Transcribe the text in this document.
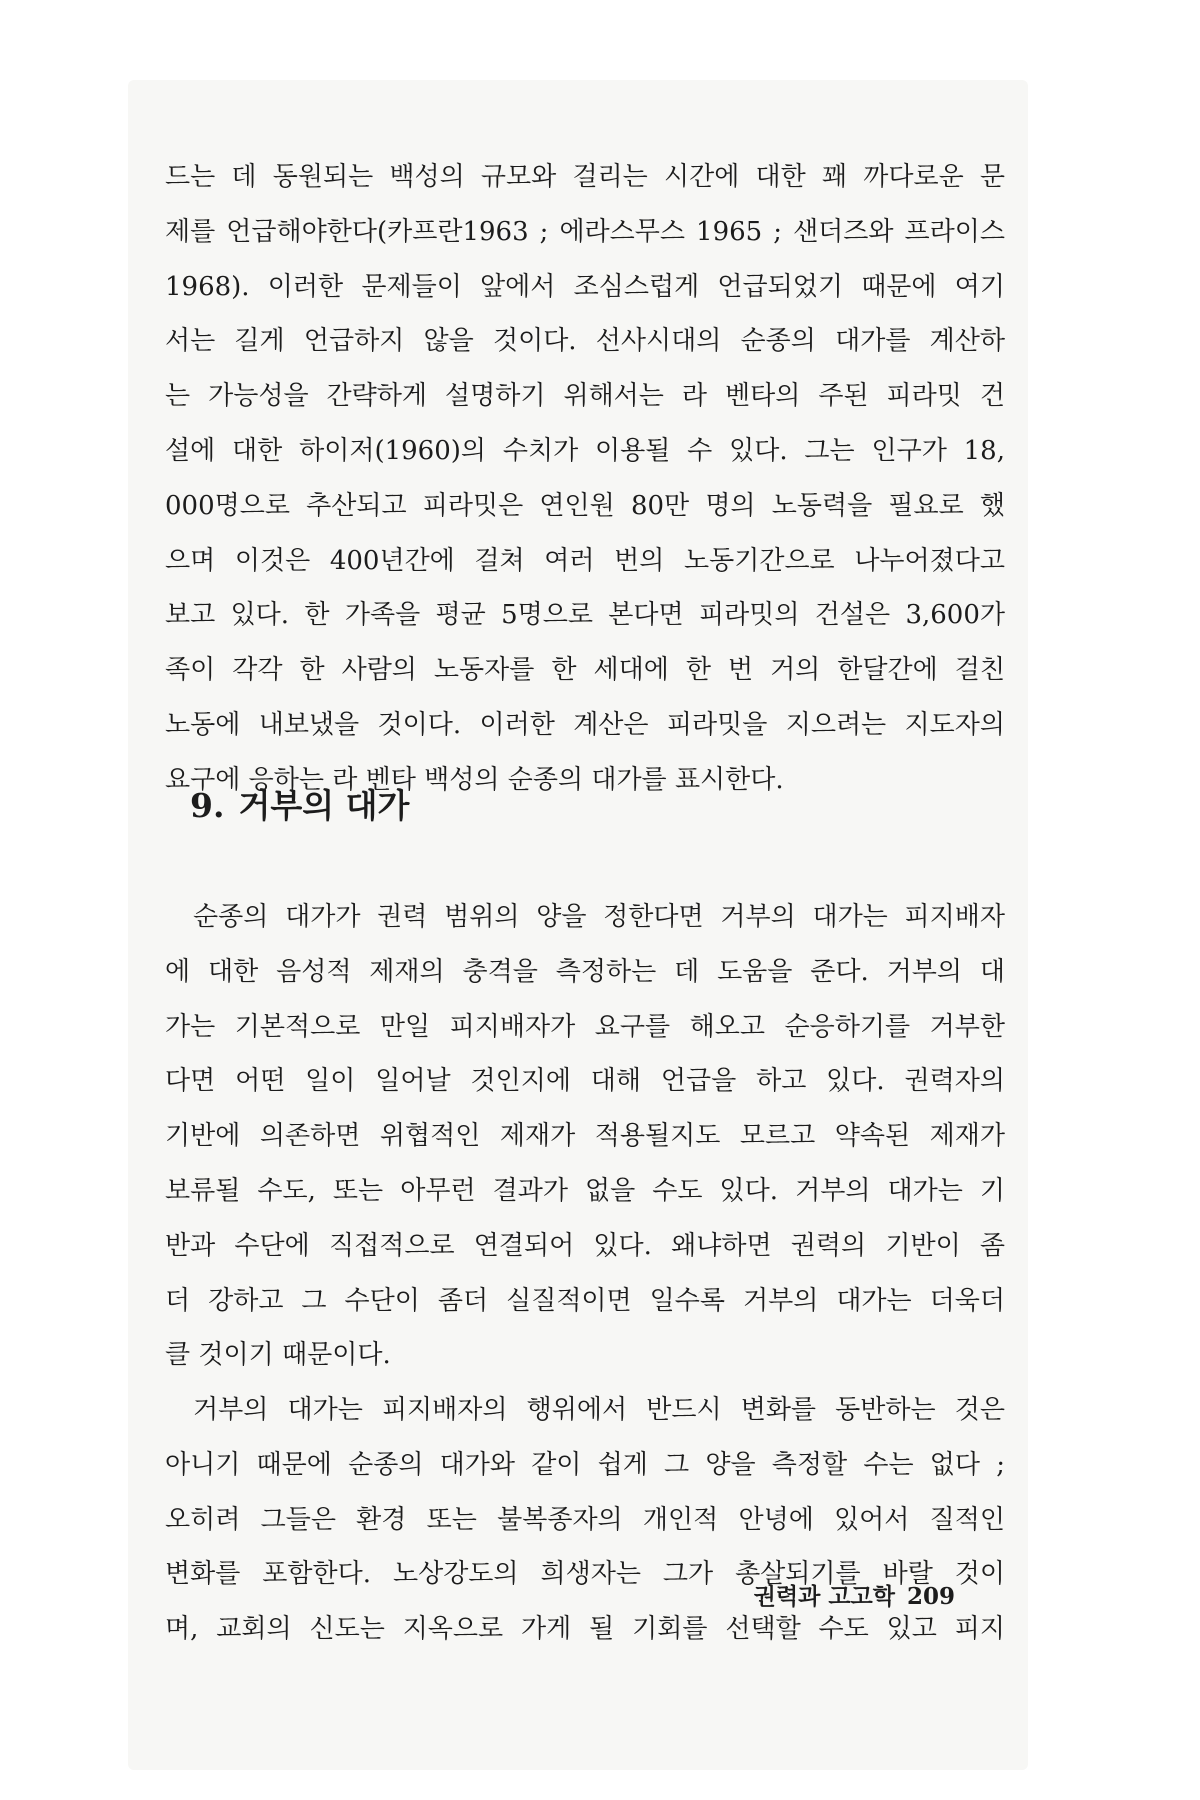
드는 데 동원되는 백성의 규모와 걸리는 시간에 대한 꽤 까다로운 문
제를 언급해야한다(카프란1963 ; 에라스무스 1965 ; 샌더즈와 프라이스
1968). 이러한 문제들이 앞에서 조심스럽게 언급되었기 때문에 여기
서는 길게 언급하지 않을 것이다. 선사시대의 순종의 대가를 계산하
는 가능성을 간략하게 설명하기 위해서는 라 벤타의 주된 피라밋 건
설에 대한 하이저(1960)의 수치가 이용될 수 있다. 그는 인구가 18,
000명으로 추산되고 피라밋은 연인원 80만 명의 노동력을 필요로 했
으며 이것은 400년간에 걸쳐 여러 번의 노동기간으로 나누어졌다고
보고 있다. 한 가족을 평균 5명으로 본다면 피라밋의 건설은 3,600가
족이 각각 한 사람의 노동자를 한 세대에 한 번 거의 한달간에 걸친
노동에 내보냈을 것이다. 이러한 계산은 피라밋을 지으려는 지도자의
요구에 응하는 라 벤타 백성의 순종의 대가를 표시한다.

9. 거부의 대가

순종의 대가가 권력 범위의 양을 정한다면 거부의 대가는 피지배자
에 대한 음성적 제재의 충격을 측정하는 데 도움을 준다. 거부의 대
가는 기본적으로 만일 피지배자가 요구를 해오고 순응하기를 거부한
다면 어떤 일이 일어날 것인지에 대해 언급을 하고 있다. 권력자의
기반에 의존하면 위협적인 제재가 적용될지도 모르고 약속된 제재가
보류될 수도, 또는 아무런 결과가 없을 수도 있다. 거부의 대가는 기
반과 수단에 직접적으로 연결되어 있다. 왜냐하면 권력의 기반이 좀
더 강하고 그 수단이 좀더 실질적이면 일수록 거부의 대가는 더욱더
클 것이기 때문이다.

거부의 대가는 피지배자의 행위에서 반드시 변화를 동반하는 것은
아니기 때문에 순종의 대가와 같이 쉽게 그 양을 측정할 수는 없다 ;
오히려 그들은 환경 또는 불복종자의 개인적 안녕에 있어서 질적인
변화를 포함한다. 노상강도의 희생자는 그가 총살되기를 바랄 것이
며, 교회의 신도는 지옥으로 가게 될 기회를 선택할 수도 있고 피지

권력과 고고학 209
